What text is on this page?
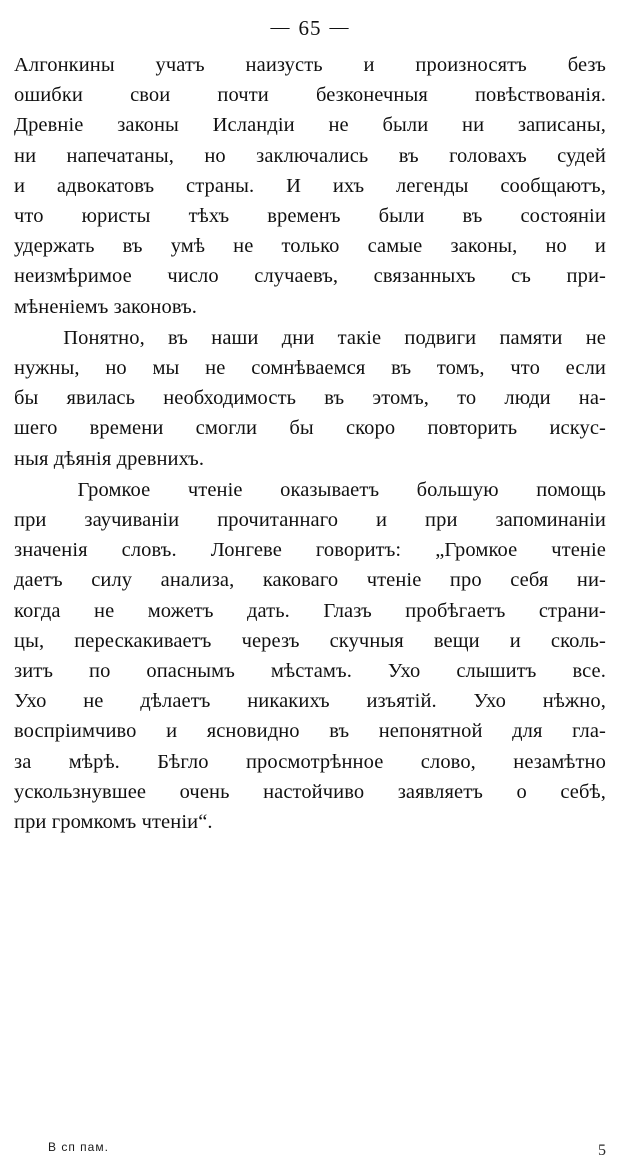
— 65 —
Алгонкины учатъ наизусть и произносятъ безъ
ошибки свои почти безконечныя повѣствованiя.
Древнiе законы Исландiи не были ни записаны,
ни напечатаны, но заключались въ головахъ судей
и адвокатовъ страны. И ихъ легенды сообщаютъ,
что юристы тѣхъ временъ были въ состоянiи
удержать въ умѣ не только самые законы, но и
неизмѣримое число случаевъ, связанныхъ съ при-
мѣненiемъ законовъ.
Понятно, въ наши дни такiе подвиги памяти не
нужны, но мы не сомнѣваемся въ томъ, что если
бы явилась необходимость въ этомъ, то люди на-
шего времени смогли бы скоро повторить искус-
ныя дѣянiя древнихъ.
Громкое чтенiе оказываетъ большую помощь
при заучиванiи прочитаннаго и при запоминанiи
значенiя словъ. Лонгеве говоритъ: „Громкое чтенiе
даетъ силу анализа, каковаго чтенiе про себя ни-
когда не можетъ дать. Глазъ пробѣгаетъ страни-
цы, перескакиваетъ черезъ скучныя вещи и сколь-
зитъ по опаснымъ мѣстамъ. Ухо слышитъ все.
Ухо не дѣлаетъ никакихъ изъятiй. Ухо нѣжно,
воспрiимчиво и ясновидно въ непонятной для гла-
за мѣрѣ. Бѣгло просмотрѣнное слово, незамѣтно
ускользнувшее очень настойчиво заявляетъ о себѣ,
при громкомъ чтенiи“.
В сп пам.	5
